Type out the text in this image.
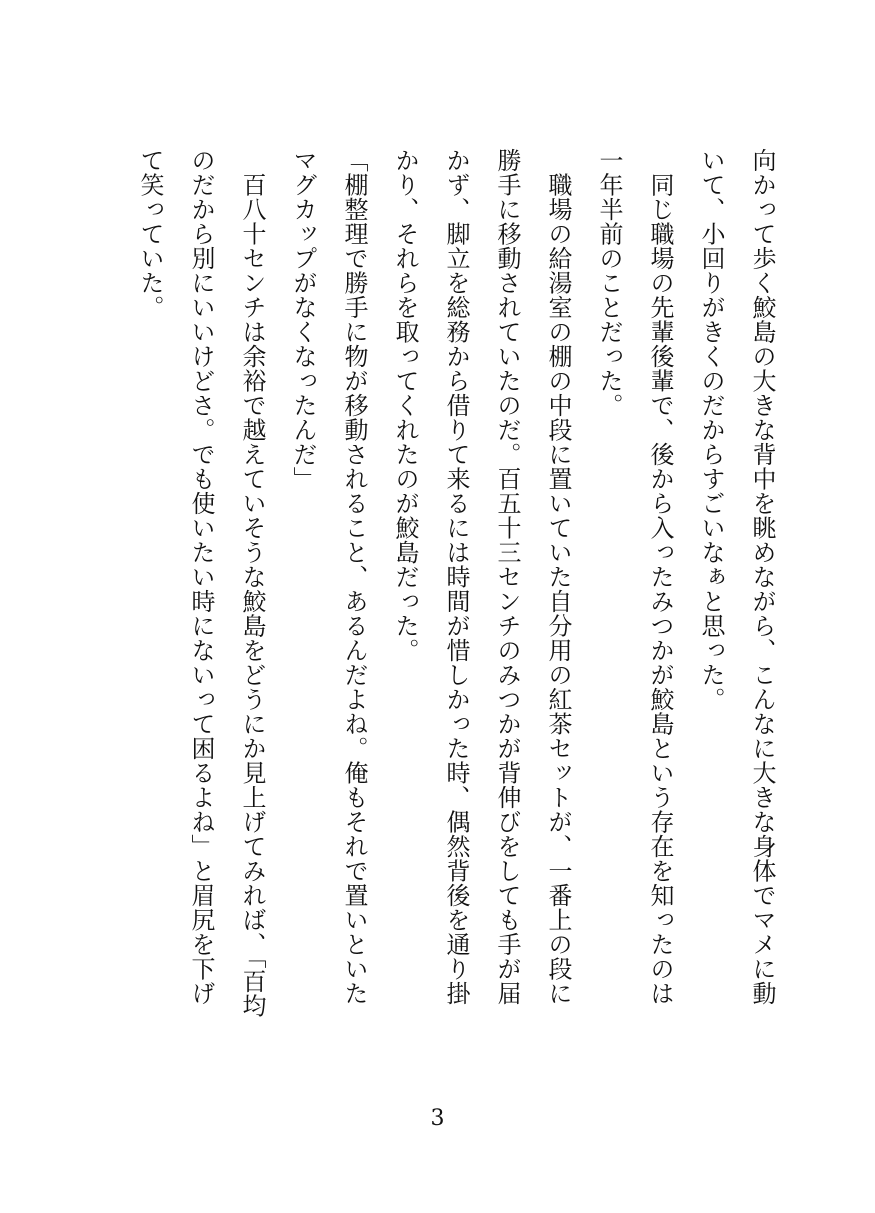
向かって歩く鮫島の大きな背中を眺めながら、こんなに大きな身体でマメに動いて、小回りがきくのだからすごいなぁと思った。

　同じ職場の先輩後輩で、後から入ったみつかが鮫島という存在を知ったのは一年半前のことだった。

　職場の給湯室の棚の中段に置いていた自分用の紅茶セットが、一番上の段に勝手に移動されていたのだ。百五十三センチのみつかが背伸びをしても手が届かず、脚立を総務から借りて来るには時間が惜しかった時、偶然背後を通り掛かり、それらを取ってくれたのが鮫島だった。

「棚整理で勝手に物が移動されること、あるんだよね。俺もそれで置いといたマグカップがなくなったんだ」

　百八十センチは余裕で越えていそうな鮫島をどうにか見上げてみれば、「百均のだから別にいいけどさ。でも使いたい時にないって困るよね」と眉尻を下げて笑っていた。

3
